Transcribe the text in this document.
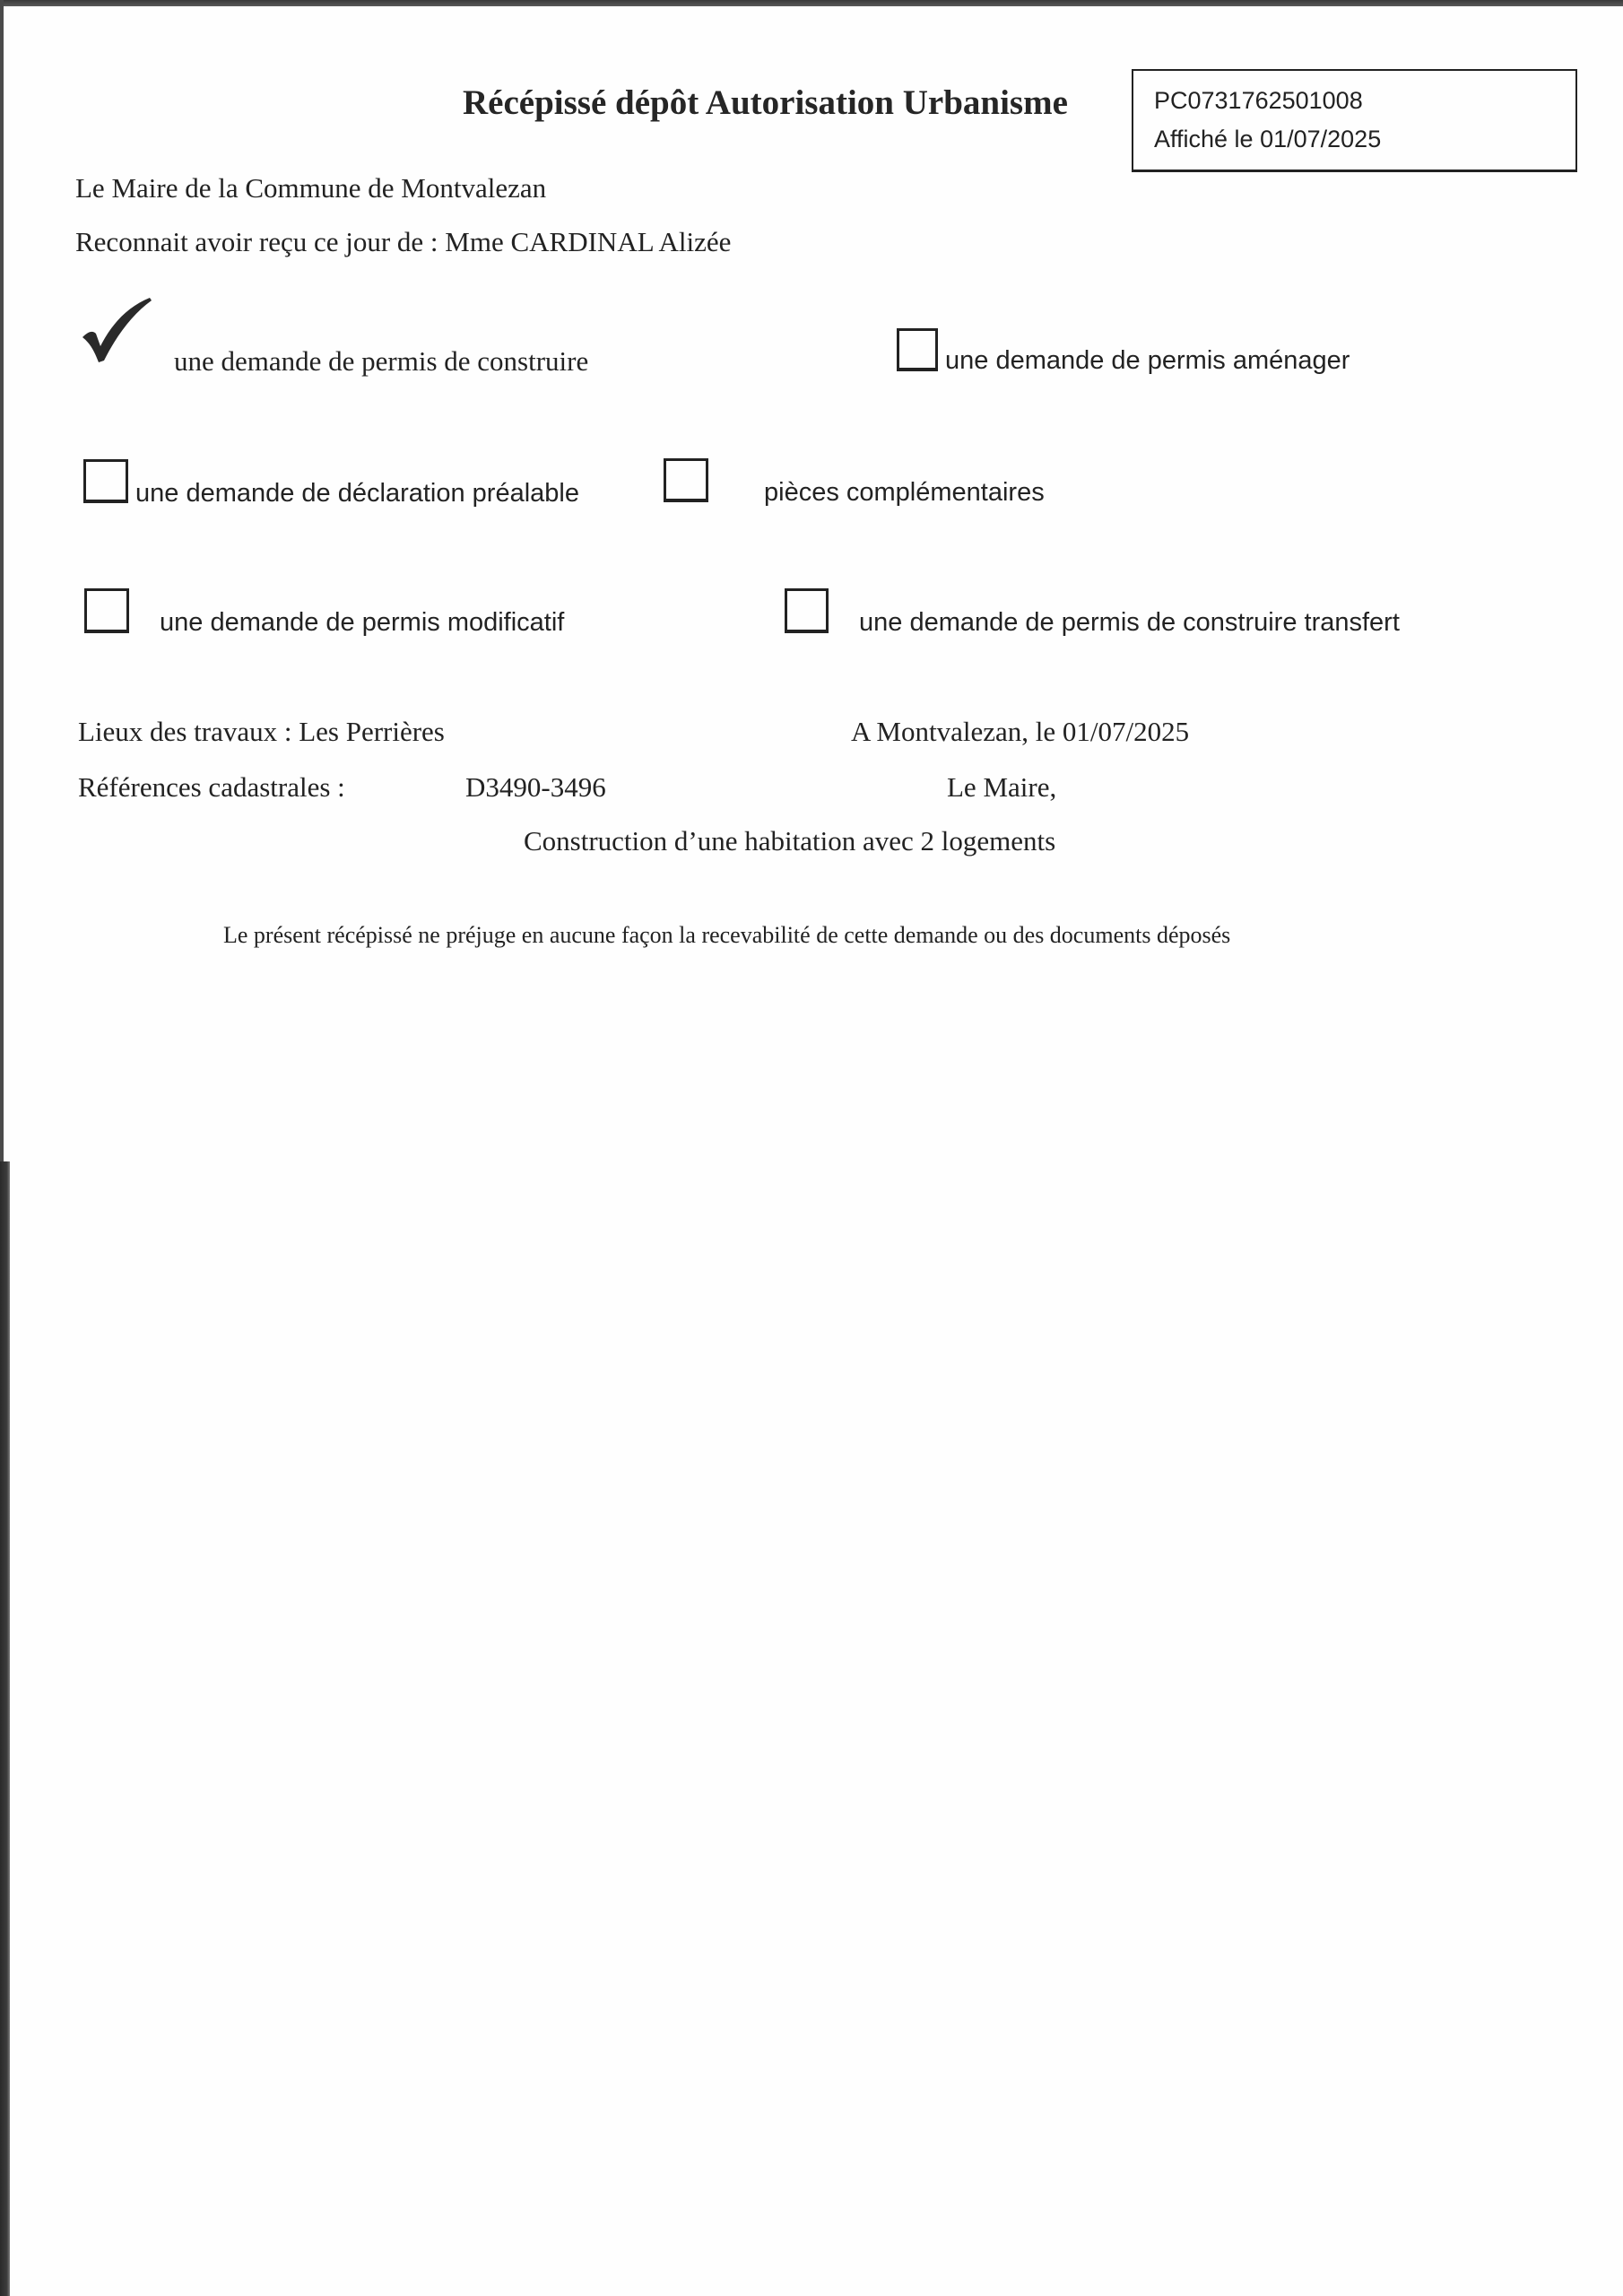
Récépissé dépôt Autorisation Urbanisme	PC0731762501008
Affiché le 01/07/2025
Le Maire de la Commune de Montvalezan
Reconnait avoir reçu ce jour de : Mme CARDINAL Alizée
une demande de permis de construire	une demande de permis aménager
une demande de déclaration préalable	pièces complémentaires
une demande de permis modificatif	une demande de permis de construire transfert
Lieux des travaux : Les Perrières	A Montvalezan, le 01/07/2025
Références cadastrales :	D3490-3496	Le Maire,
Construction d’une habitation avec 2 logements
Le présent récépissé ne préjuge en aucune façon la recevabilité de cette demande ou des documents déposés
